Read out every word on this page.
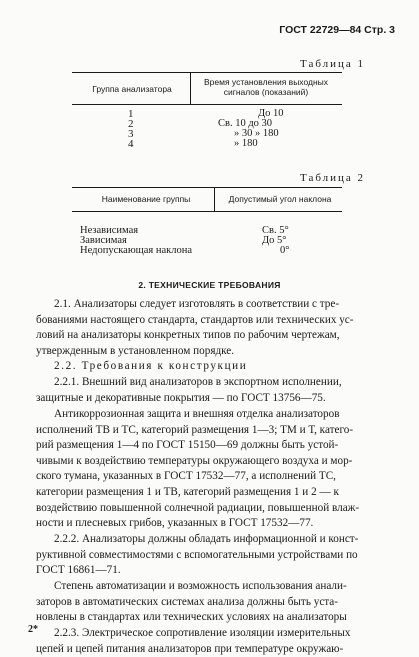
ГОСТ 22729—84 Стр. 3
Таблица 1
Группа анализатора
Время установления выходных сигналов (показаний)
1
2
3
4
До 10
Св. 10 до 30
» 30 » 180
» 180
Таблица 2
Наименование группы	Допустимый угол наклона
Независимая
Зависимая
Недопускающая наклона
Св. 5°
До 5°
0°
2. ТЕХНИЧЕСКИЕ ТРЕБОВАНИЯ
2.1. Анализаторы следует изготовлять в соответствии с тре-
бованиями настоящего стандарта, стандартов или технических ус-
ловий на анализаторы конкретных типов по рабочим чертежам,
утвержденным в установленном порядке.
2.2. Требования к конструкции
2.2.1. Внешний вид анализаторов в экспортном исполнении,
защитные и декоративные покрытия — по ГОСТ 13756—75.
Антикоррозионная защита и внешняя отделка анализаторов
исполнений ТВ и ТС, категорий размещения 1—3; ТМ и Т, катего-
рий размещения 1—4 по ГОСТ 15150—69 должны быть устой-
чивыми к воздействию температуры окружающего воздуха и мор-
ского тумана, указанных в ГОСТ 17532—77, а исполнений ТС,
категории размещения 1 и ТВ, категорий размещения 1 и 2 — к
воздействию повышенной солнечной радиации, повышенной влаж-
ности и плесневых грибов, указанных в ГОСТ 17532—77.
2.2.2. Анализаторы должны обладать информационной и конст-
руктивной совместимостями с вспомогательными устройствами по
ГОСТ 16861—71.
Степень автоматизации и возможность использования анали-
заторов в автоматических системах анализа должны быть уста-
новлены в стандартах или технических условиях на анализаторы
2.2.3. Электрическое сопротивление изоляции измерительных
цепей и цепей питания анализаторов при температуре окружаю-
2*
